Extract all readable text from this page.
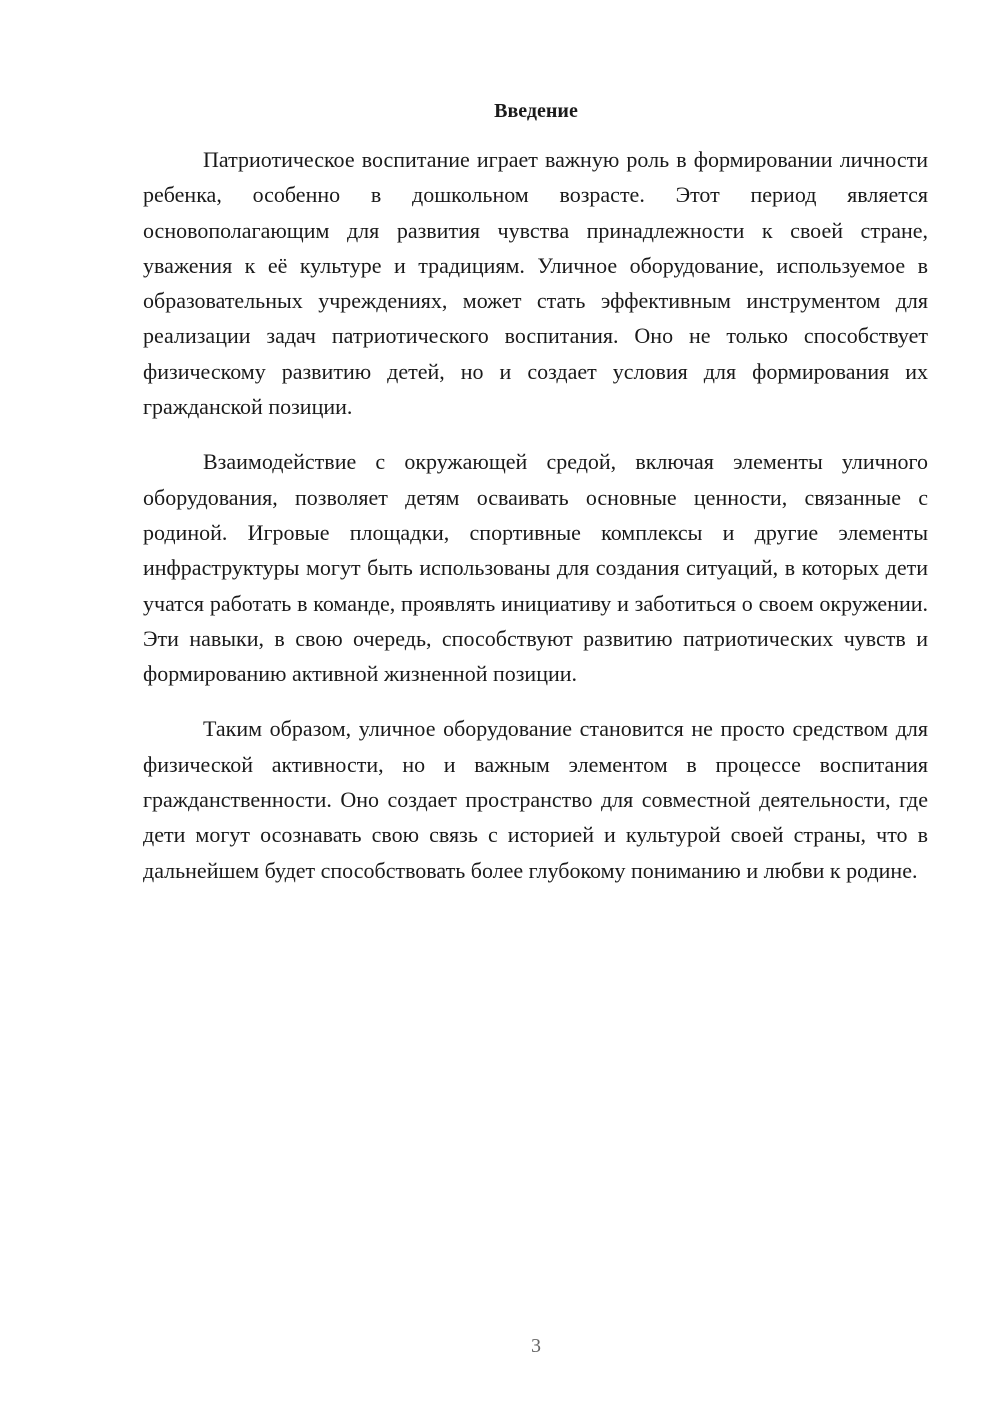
Введение

Патриотическое воспитание играет важную роль в формировании личности ребенка, особенно в дошкольном возрасте. Этот период является основополагающим для развития чувства принадлежности к своей стране, уважения к её культуре и традициям. Уличное оборудование, используемое в образовательных учреждениях, может стать эффективным инструментом для реализации задач патриотического воспитания. Оно не только способствует физическому развитию детей, но и создает условия для формирования их гражданской позиции.

Взаимодействие с окружающей средой, включая элементы уличного оборудования, позволяет детям осваивать основные ценности, связанные с родиной. Игровые площадки, спортивные комплексы и другие элементы инфраструктуры могут быть использованы для создания ситуаций, в которых дети учатся работать в команде, проявлять инициативу и заботиться о своем окружении. Эти навыки, в свою очередь, способствуют развитию патриотических чувств и формированию активной жизненной позиции.

Таким образом, уличное оборудование становится не просто средством для физической активности, но и важным элементом в процессе воспитания гражданственности. Оно создает пространство для совместной деятельности, где дети могут осознавать свою связь с историей и культурой своей страны, что в дальнейшем будет способствовать более глубокому пониманию и любви к родине.

3
